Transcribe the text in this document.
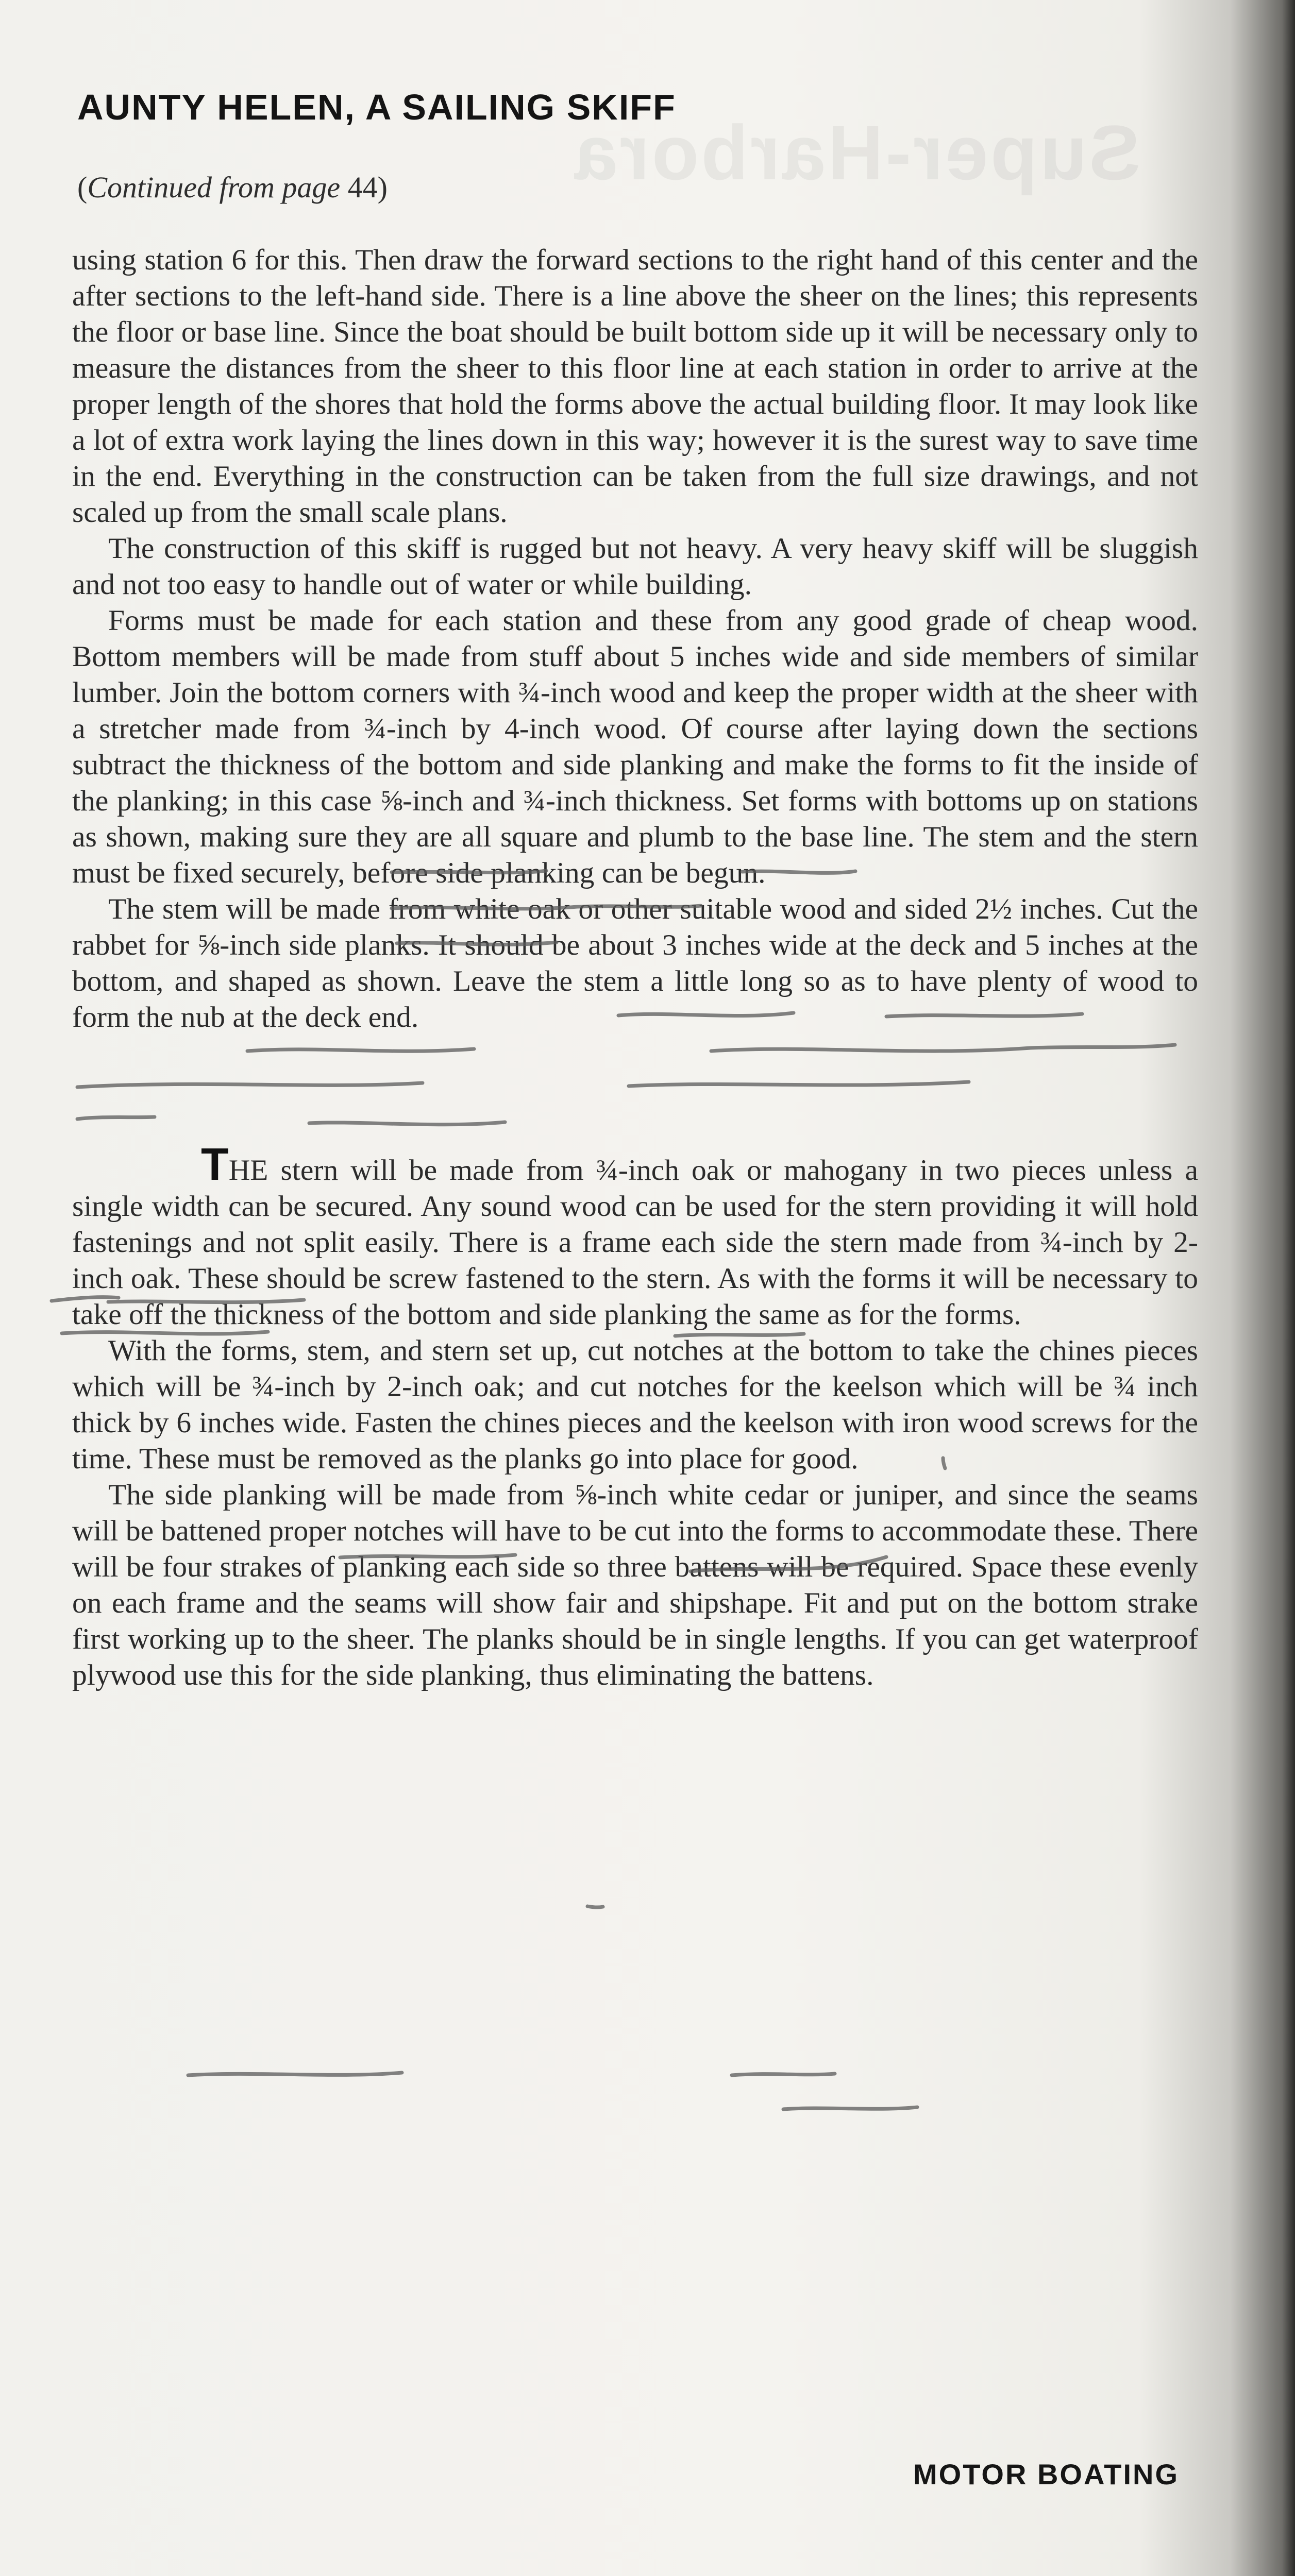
Super-Harbora
AUNTY HELEN, A SAILING SKIFF
(Continued from page 44)

using station 6 for this. Then draw the forward sections to the right hand of this center and the after sections to the left-hand side. There is a line above the sheer on the lines; this represents the floor or base line. Since the boat should be built bottom side up it will be necessary only to measure the distances from the sheer to this floor line at each station in order to arrive at the proper length of the shores that hold the forms above the actual building floor. It may look like a lot of extra work laying the lines down in this way; however it is the surest way to save time in the end. Everything in the construction can be taken from the full size drawings, and not scaled up from the small scale plans.

The construction of this skiff is rugged but not heavy. A very heavy skiff will be sluggish and not too easy to handle out of water or while building.

Forms must be made for each station and these from any good grade of cheap wood. Bottom members will be made from stuff about 5 inches wide and side members of similar lumber. Join the bottom corners with ¾-inch wood and keep the proper width at the sheer with a stretcher made from ¾-inch by 4-inch wood. Of course after laying down the sections subtract the thickness of the bottom and side planking and make the forms to fit the inside of the planking; in this case ⅝-inch and ¾-inch thickness. Set forms with bottoms up on stations as shown, making sure they are all square and plumb to the base line. The stem and the stern must be fixed securely, before side planking can be begun.

The stem will be made from white oak or other suitable wood and sided 2½ inches. Cut the rabbet for ⅝-inch side planks. It should be about 3 inches wide at the deck and 5 inches at the bottom, and shaped as shown. Leave the stem a little long so as to have plenty of wood to form the nub at the deck end.

THE stern will be made from ¾-inch oak or mahogany in two pieces unless a single width can be secured. Any sound wood can be used for the stern providing it will hold fastenings and not split easily. There is a frame each side the stern made from ¾-inch by 2-inch oak. These should be screw fastened to the stern. As with the forms it will be necessary to take off the thickness of the bottom and side planking the same as for the forms.

With the forms, stem, and stern set up, cut notches at the bottom to take the chines pieces which will be ¾-inch by 2-inch oak; and cut notches for the keelson which will be ¾ inch thick by 6 inches wide. Fasten the chines pieces and the keelson with iron wood screws for the time. These must be removed as the planks go into place for good.

The side planking will be made from ⅝-inch white cedar or juniper, and since the seams will be battened proper notches will have to be cut into the forms to accommodate these. There will be four strakes of planking each side so three battens will be required. Space these evenly on each frame and the seams will show fair and shipshape. Fit and put on the bottom strake first working up to the sheer. The planks should be in single lengths. If you can get waterproof plywood use this for the side planking, thus eliminating the battens.

MOTOR BOATING
